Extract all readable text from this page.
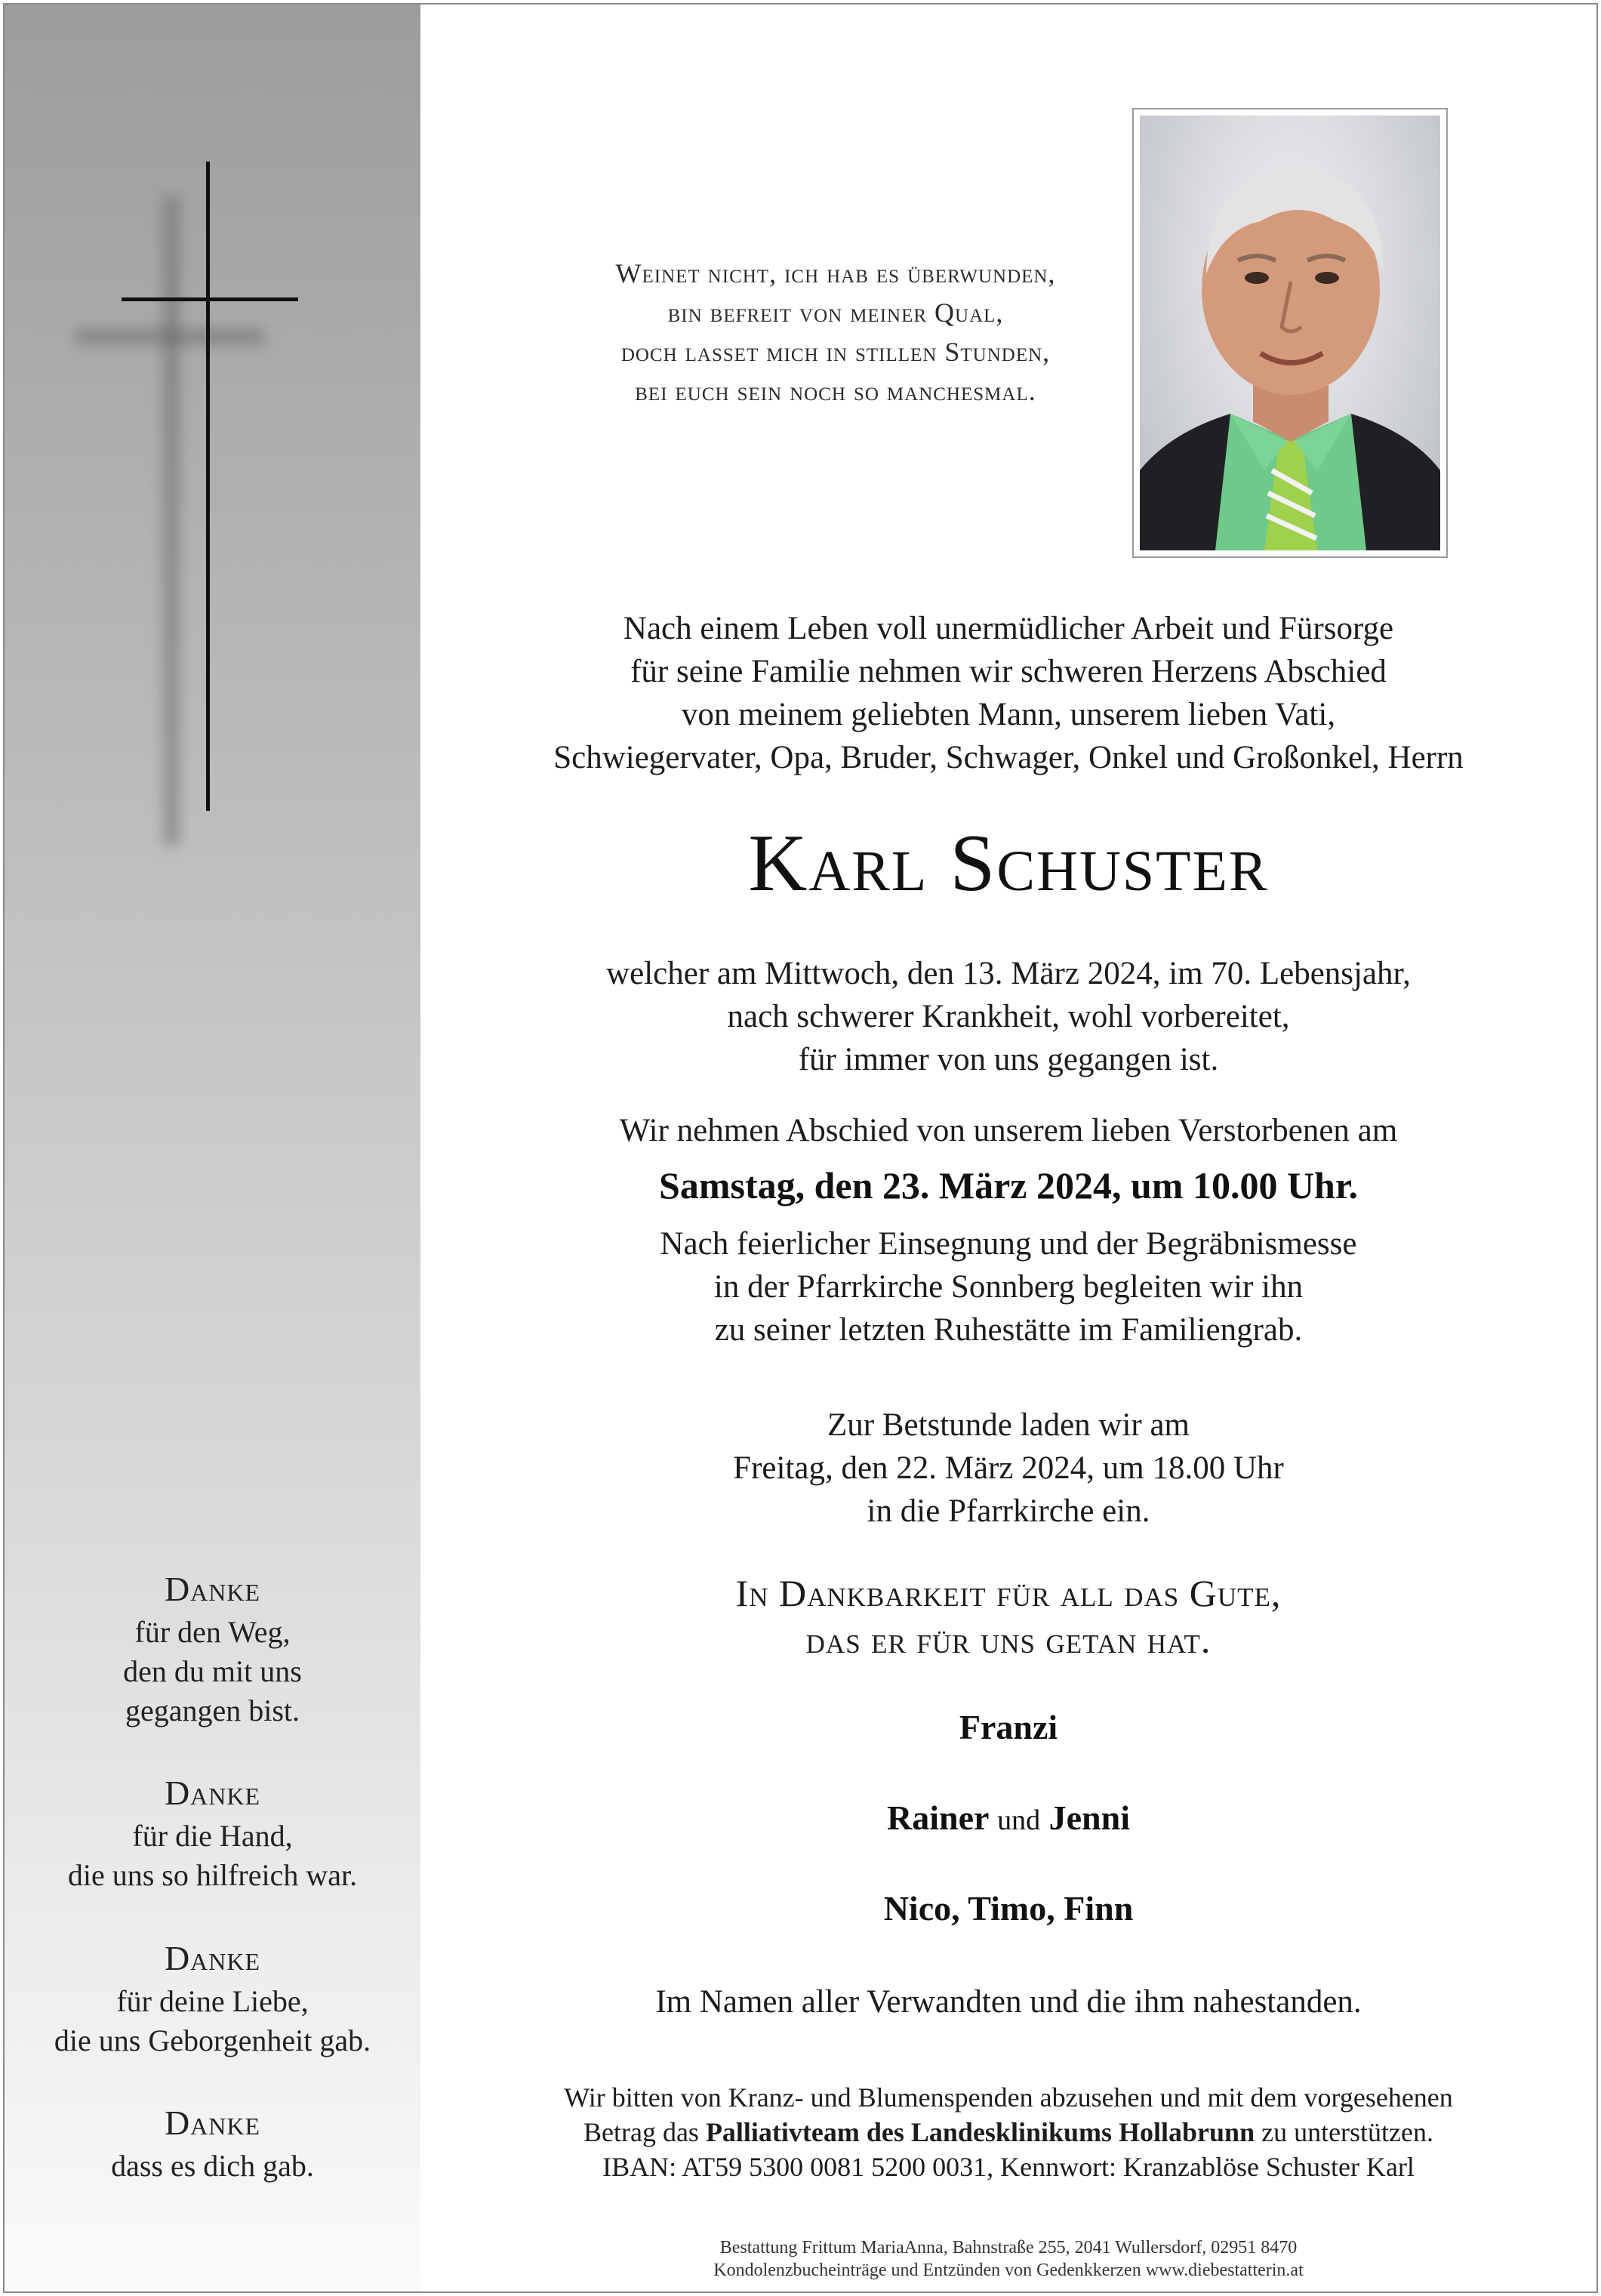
Danke
für den Weg,
den du mit uns
gegangen bist.
Danke
für die Hand,
die uns so hilfreich war.
Danke
für deine Liebe,
die uns Geborgenheit gab.
Danke
dass es dich gab.
Weinet nicht, ich hab es überwunden,
bin befreit von meiner Qual,
doch lasset mich in stillen Stunden,
bei euch sein noch so manchesmal.
Nach einem Leben voll unermüdlicher Arbeit und Fürsorge
für seine Familie nehmen wir schweren Herzens Abschied
von meinem geliebten Mann, unserem lieben Vati,
Schwiegervater, Opa, Bruder, Schwager, Onkel und Großonkel, Herrn
Karl Schuster
welcher am Mittwoch, den 13. März 2024, im 70. Lebensjahr,
nach schwerer Krankheit, wohl vorbereitet,
für immer von uns gegangen ist.
Wir nehmen Abschied von unserem lieben Verstorbenen am
Samstag, den 23. März 2024, um 10.00 Uhr.
Nach feierlicher Einsegnung und der Begräbnismesse
in der Pfarrkirche Sonnberg begleiten wir ihn
zu seiner letzten Ruhestätte im Familiengrab.
Zur Betstunde laden wir am
Freitag, den 22. März 2024, um 18.00 Uhr
in die Pfarrkirche ein.
In Dankbarkeit für all das Gute,
das er für uns getan hat.
Franzi
Rainer und Jenni
Nico, Timo, Finn
Im Namen aller Verwandten und die ihm nahestanden.
Wir bitten von Kranz- und Blumenspenden abzusehen und mit dem vorgesehenen
Betrag das Palliativteam des Landesklinikums Hollabrunn zu unterstützen.
IBAN: AT59 5300 0081 5200 0031, Kennwort: Kranzablöse Schuster Karl
Bestattung Frittum MariaAnna, Bahnstraße 255, 2041 Wullersdorf, 02951 8470
Kondolenzbucheinträge und Entzünden von Gedenkkerzen www.diebestatterin.at
